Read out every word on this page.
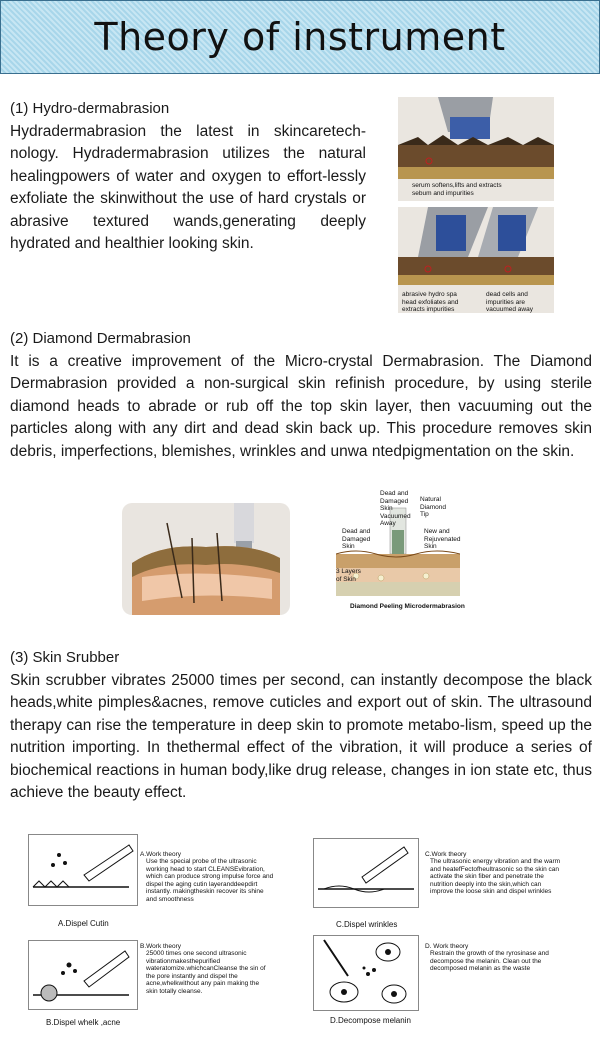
Theory of instrument
(1) Hydro-dermabrasion
Hydradermabrasion the latest in skincaretech-nology. Hydradermabrasion utilizes the natural healingpowers of water and oxygen to effort-lessly exfoliate the skinwithout the use of hard crystals or abrasive textured wands,generating deeply hydrated and healthier looking skin.
serum softens,lifts and extracts sebum and impurities
abrasive hydro spa head exfoliates and extracts impurities
dead cells and impurities are vacuumed away
(2) Diamond Dermabrasion
It is a creative improvement of the Micro-crystal Dermabrasion. The Diamond Dermabrasion provided a non-surgical skin refinish procedure, by using sterile diamond heads to abrade or rub off the top skin layer, then vacuuming out the particles along with any dirt and dead skin back up. This procedure removes skin debris, imperfections, blemishes, wrinkles and unwa ntedpigmentation on the skin.
Dead and Damaged Skin Vacuumed Away
Natural Diamond Tip
Dead and Damaged Skin
New and Rejuvenated Skin
3 Layers of Skin
Diamond Peeling Microdermabrasion
(3) Skin Srubber
Skin scrubber vibrates 25000 times per second, can instantly decompose the black heads,white pimples&acnes, remove cuticles and export out of skin. The ultrasound therapy can rise the temperature in deep skin to promote metabo-lism, speed up the nutrition importing. In thethermal effect of the vibration, it will produce a series of biochemical reactions in human body,like drug release, changes in ion state etc, thus achieve the beauty effect.
A.Work theory
Use the special probe of the ultrasonic working head to start CLEANSEvibration, which can produce strong impulse force and dispel the aging cutin layeranddeepdirt instantly. makingtheskin recover its shine and smoothness
A.Dispel Cutin
C.Work theory
The ultrasonic energy vibration and the warm and heatefFectofheultrasonic so the skin can activate the skin fiber and penetrate the nutrition deeply into the skin,which can improve the loose skin and dispel wrinkles
C.Dispel wrinkles
B.Work theory
25000 times one second ultrasonic vibrationmakesthepurified wateratomize.whichcanCleanse the sin of the pore instantly and dispel the acne,whelkwithout any pain making the skin totally cleanse.
B.Dispel whelk ,acne
D. Work theory
Restrain the growth of the ryrosinase and decompose the melanin. Clean out the decomposed melanin as the waste
D.Decompose melanin
